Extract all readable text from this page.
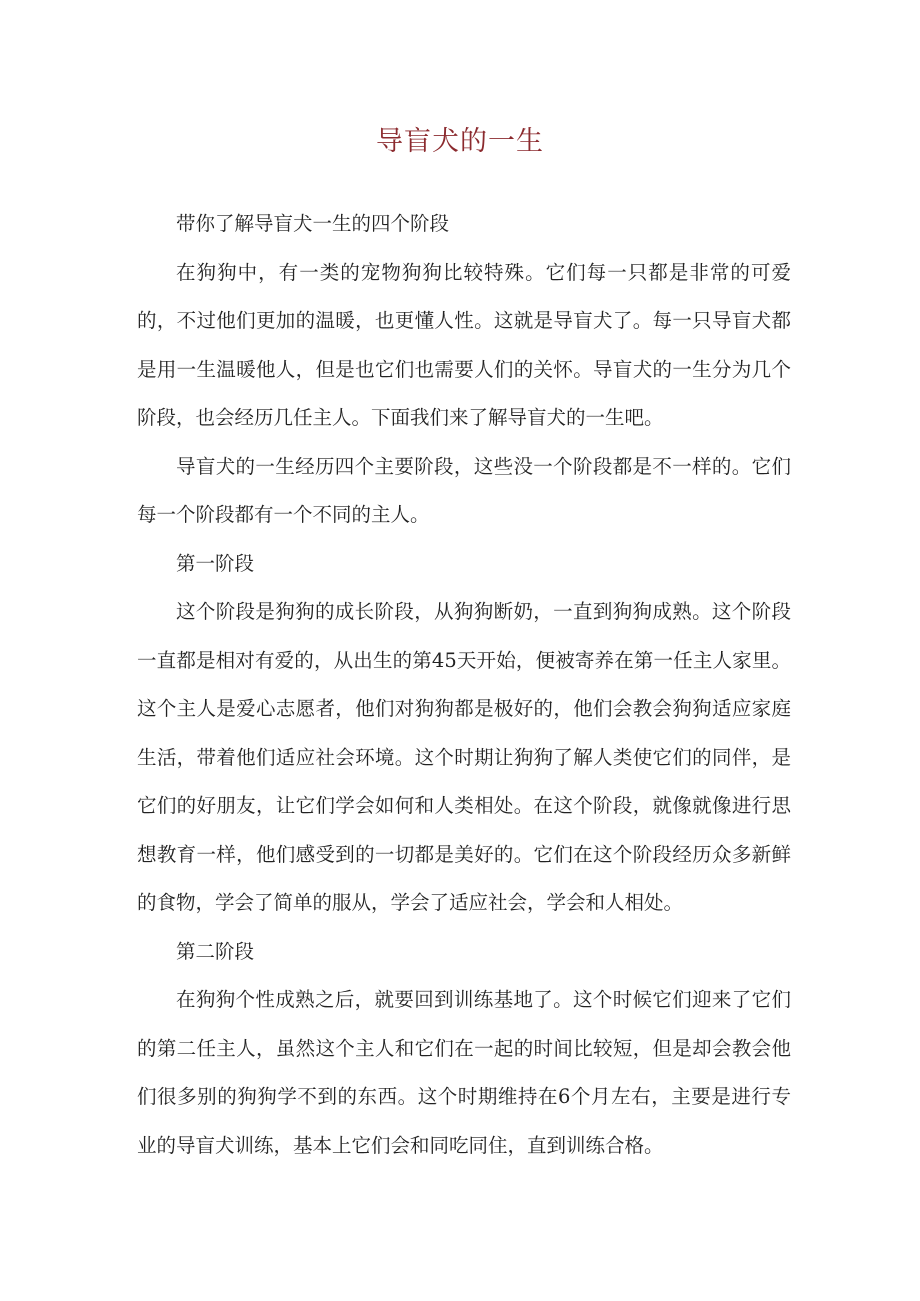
导盲犬的一生

带你了解导盲犬一生的四个阶段

在狗狗中，有一类的宠物狗狗比较特殊。它们每一只都是非常的可爱的，不过他们更加的温暖，也更懂人性。这就是导盲犬了。每一只导盲犬都是用一生温暖他人，但是也它们也需要人们的关怀。导盲犬的一生分为几个阶段，也会经历几任主人。下面我们来了解导盲犬的一生吧。

导盲犬的一生经历四个主要阶段，这些没一个阶段都是不一样的。它们每一个阶段都有一个不同的主人。

第一阶段

这个阶段是狗狗的成长阶段，从狗狗断奶，一直到狗狗成熟。这个阶段一直都是相对有爱的，从出生的第45天开始，便被寄养在第一任主人家里。这个主人是爱心志愿者，他们对狗狗都是极好的，他们会教会狗狗适应家庭生活，带着他们适应社会环境。这个时期让狗狗了解人类使它们的同伴，是它们的好朋友，让它们学会如何和人类相处。在这个阶段，就像就像进行思想教育一样，他们感受到的一切都是美好的。它们在这个阶段经历众多新鲜的食物，学会了简单的服从，学会了适应社会，学会和人相处。

第二阶段

在狗狗个性成熟之后，就要回到训练基地了。这个时候它们迎来了它们的第二任主人，虽然这个主人和它们在一起的时间比较短，但是却会教会他们很多别的狗狗学不到的东西。这个时期维持在6个月左右，主要是进行专业的导盲犬训练，基本上它们会和同吃同住，直到训练合格。
